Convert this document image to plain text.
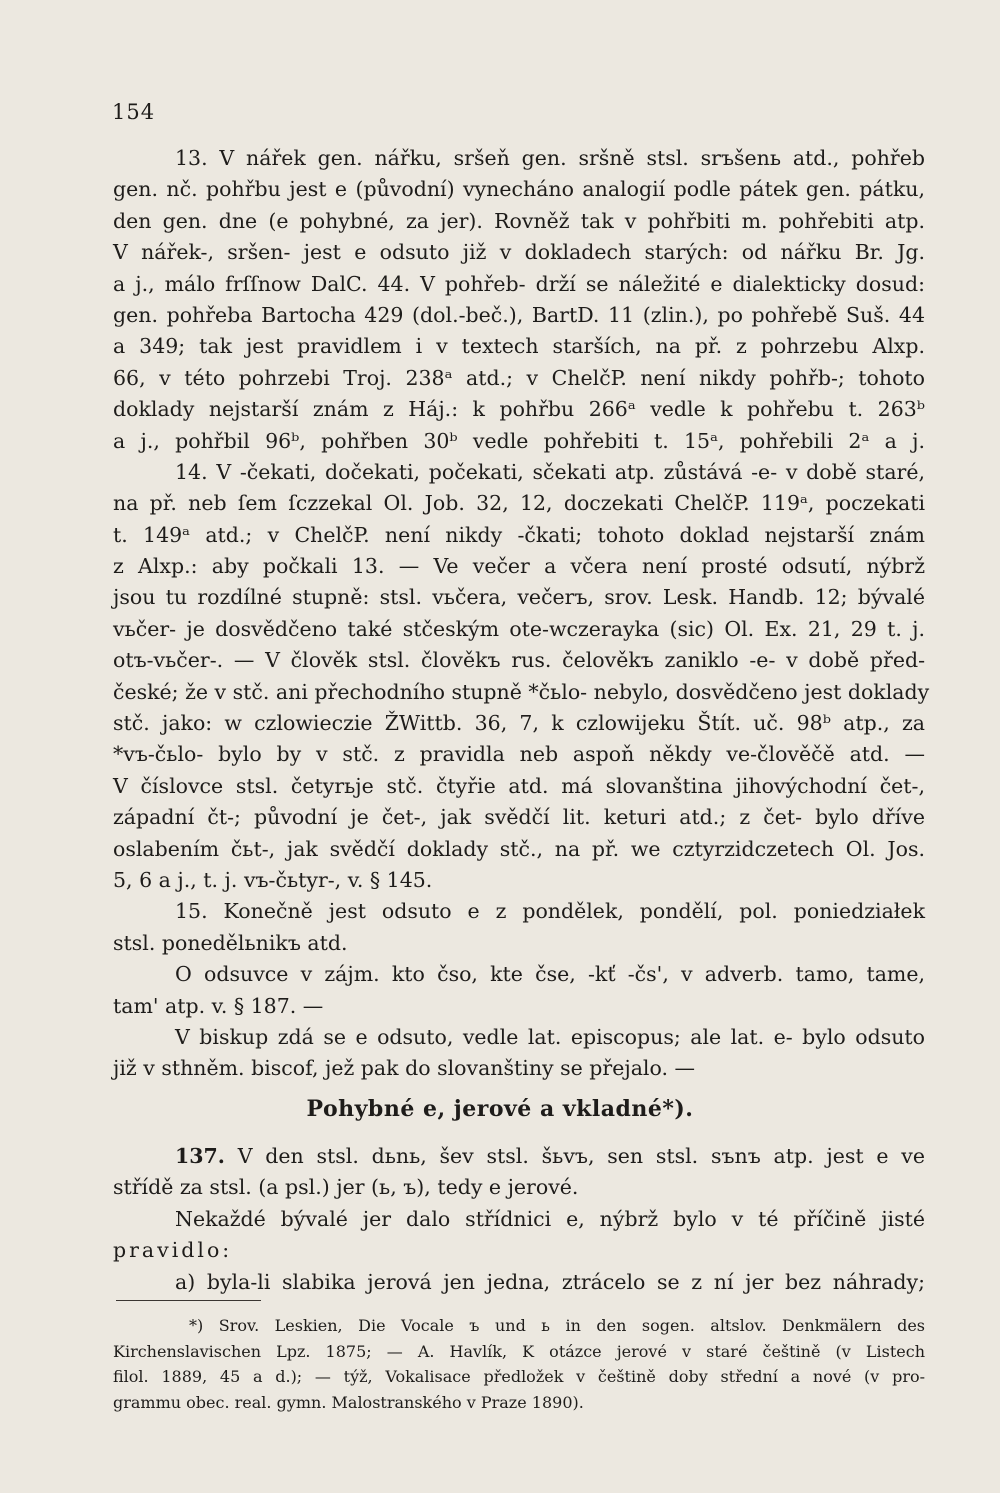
154
13. V nářek gen. nářku, sršeň gen. sršně stsl. srъšenь atd., pohřeb
gen. nč. pohřbu jest e (původní) vynecháno analogií podle pátek gen. pátku,
den gen. dne (e pohybné, za jer). Rovněž tak v pohřbiti m. pohřebiti atp.
V nářek-, sršen- jest e odsuto již v dokladech starých: od nářku Br. Jg.
a j., málo frſſnow DalC. 44. V pohřeb- drží se náležité e dialekticky dosud:
gen. pohřeba Bartocha 429 (dol.-beč.), BartD. 11 (zlin.), po pohřebě Suš. 44
a 349; tak jest pravidlem i v textech starších, na př. z pohrzebu Alxp.
66, v této pohrzebi Troj. 238ᵃ atd.; v ChelčP. není nikdy pohřb-; tohoto
doklady nejstarší znám z Háj.: k pohřbu 266ᵃ vedle k pohřebu t. 263ᵇ
a j., pohřbil 96ᵇ, pohřben 30ᵇ vedle pohřebiti t. 15ᵃ, pohřebili 2ᵃ a j.
14. V -čekati, dočekati, počekati, sčekati atp. zůstává -e- v době staré,
na př. neb ſem ſczzekal Ol. Job. 32, 12, doczekati ChelčP. 119ᵃ, poczekati
t. 149ᵃ atd.; v ChelčP. není nikdy -čkati; tohoto doklad nejstarší znám
z Alxp.: aby počkali 13. — Ve večer a včera není prosté odsutí, nýbrž
jsou tu rozdílné stupně: stsl. vьčera, večerъ, srov. Lesk. Handb. 12; bývalé
vьčer- je dosvědčeno také stčeským ote-wczerayka (sic) Ol. Ex. 21, 29 t. j.
otъ-vьčer-. — V člověk stsl. člověkъ rus. čelověkъ zaniklo -e- v době před-
české; že v stč. ani přechodního stupně *čьlo- nebylo, dosvědčeno jest doklady
stč. jako: w czlowieczie ŽWittb. 36, 7, k czlowijeku Štít. uč. 98ᵇ atp., za
*vъ-čьlo- bylo by v stč. z pravidla neb aspoň někdy ve-člověčě atd. —
V číslovce stsl. četyrьje stč. čtyřie atd. má slovanština jihovýchodní čet-,
západní čt-; původní je čet-, jak svědčí lit. keturi atd.; z čet- bylo dříve
oslabením čьt-, jak svědčí doklady stč., na př. we cztyrzidczetech Ol. Jos.
5, 6 a j., t. j. vъ-čьtyr-, v. § 145.
15. Konečně jest odsuto e z pondělek, pondělí, pol. poniedziałek
stsl. ponedělьnikъ atd.
O odsuvce v zájm. kto čso, kte čse, -kť -čs', v adverb. tamo, tame,
tam' atp. v. § 187. —
V biskup zdá se e odsuto, vedle lat. episcopus; ale lat. e- bylo odsuto
již v sthněm. biscof, jež pak do slovanštiny se přejalo. —
Pohybné e, jerové a vkladné*).
137. V den stsl. dьnь, šev stsl. šьvъ, sen stsl. sъnъ atp. jest e ve
střídě za stsl. (a psl.) jer (ь, ъ), tedy e jerové.
Nekaždé bývalé jer dalo střídnici e, nýbrž bylo v té příčině jisté
pravidlo:
a) byla-li slabika jerová jen jedna, ztrácelo se z ní jer bez náhrady;
*) Srov. Leskien, Die Vocale ъ und ь in den sogen. altslov. Denkmälern des
Kirchenslavischen Lpz. 1875; — A. Havlík, K otázce jerové v staré češtině (v Listech
filol. 1889, 45 a d.); — týž, Vokalisace předložek v češtině doby střední a nové (v pro-
grammu obec. real. gymn. Malostranského v Praze 1890).
